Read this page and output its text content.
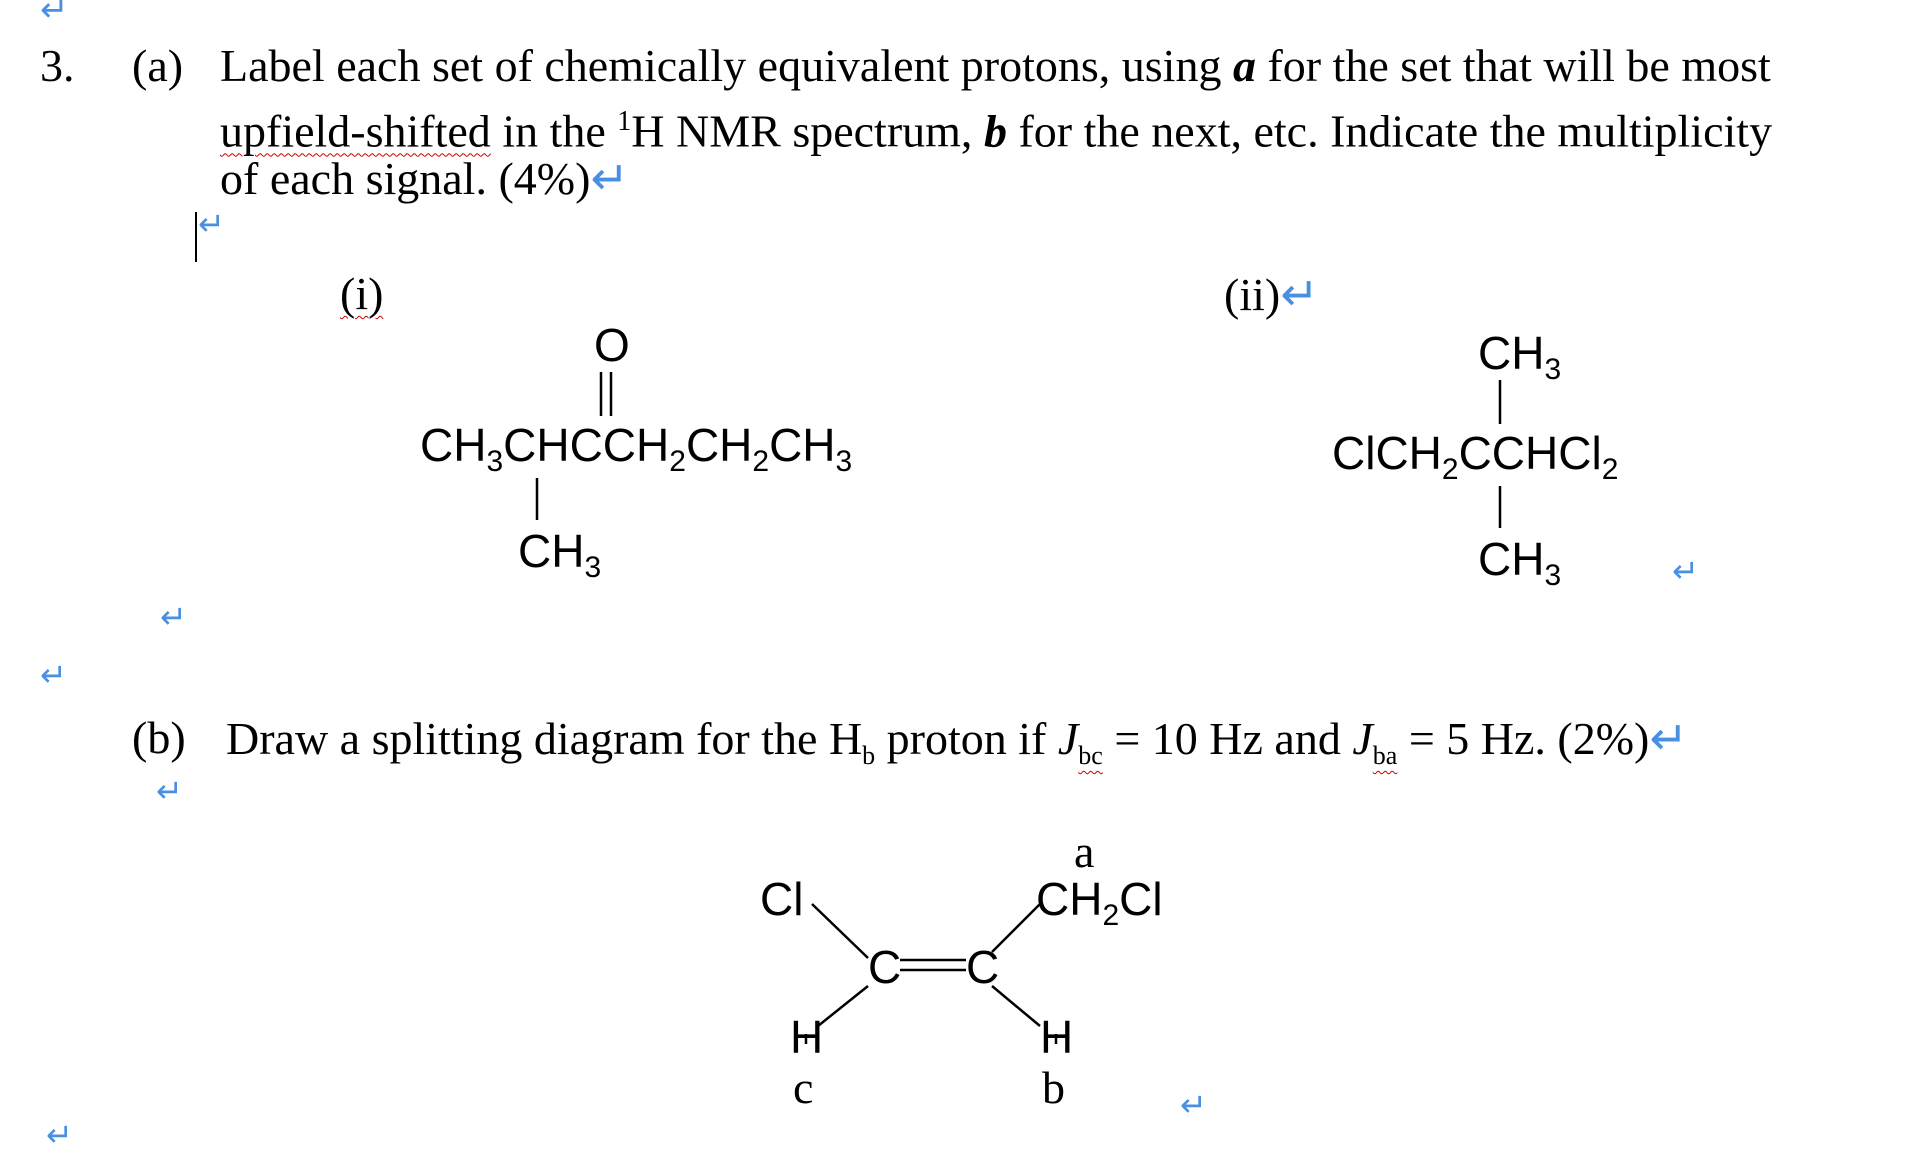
↵
3. (a) Label each set of chemically equivalent protons, using a for the set that will be most
upfield-shifted in the $^1$H NMR spectrum, b for the next, etc. Indicate the multiplicity
of each signal. (4%)↵
↵
(i)
O
$CH_3CHCCH_2CH_2CH_3$
$CH_3$
(ii)↵
$CH_3$
ClCH$_2$CCHCl$_2$
$CH_3$	↵
↵
↵
(b) Draw a splitting diagram for the $H_b$ proton if $J_{bc} = 10$ Hz and $J_{ba} = 5$ Hz. (2%)↵
↵
a
Cl	$CH_2Cl$
C C
H	H
c	b	↵
↵
